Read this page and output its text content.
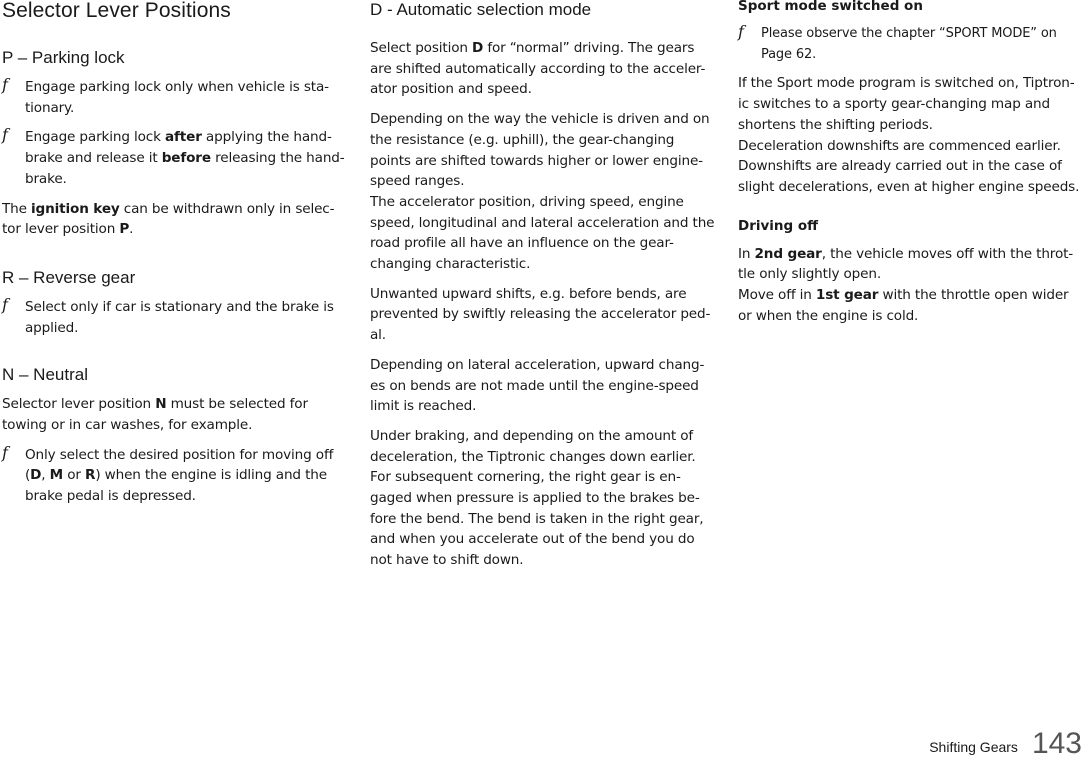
Selector Lever Positions
P – Parking lock

f Engage parking lock only when vehicle is sta-tionary.

f Engage parking lock after applying the hand-brake and release it before releasing the hand-brake.

The ignition key can be withdrawn only in selec-tor lever position P.

R – Reverse gear

f Select only if car is stationary and the brake is applied.

N – Neutral

Selector lever position N must be selected for towing or in car washes, for example.

f Only select the desired position for moving off (D, M or R) when the engine is idling and the brake pedal is depressed.

D - Automatic selection mode

Select position D for “normal” driving. The gears are shifted automatically according to the acceler-ator position and speed.

Depending on the way the vehicle is driven and on the resistance (e.g. uphill), the gear-changing points are shifted towards higher or lower engine-speed ranges.

The accelerator position, driving speed, engine speed, longitudinal and lateral acceleration and the road profile all have an influence on the gear-changing characteristic.

Unwanted upward shifts, e.g. before bends, are prevented by swiftly releasing the accelerator ped-al.

Depending on lateral acceleration, upward chang-es on bends are not made until the engine-speed limit is reached.

Under braking, and depending on the amount of deceleration, the Tiptronic changes down earlier.

For subsequent cornering, the right gear is en-gaged when pressure is applied to the brakes be-fore the bend. The bend is taken in the right gear, and when you accelerate out of the bend you do not have to shift down.

Sport mode switched on

f Please observe the chapter “SPORT MODE” on Page 62.

If the Sport mode program is switched on, Tiptron-ic switches to a sporty gear-changing map and shortens the shifting periods.

Deceleration downshifts are commenced earlier.

Downshifts are already carried out in the case of slight decelerations, even at higher engine speeds.

Driving off

In 2nd gear, the vehicle moves off with the throt-tle only slightly open.

Move off in 1st gear with the throttle open wider or when the engine is cold.

Shifting Gears 143
